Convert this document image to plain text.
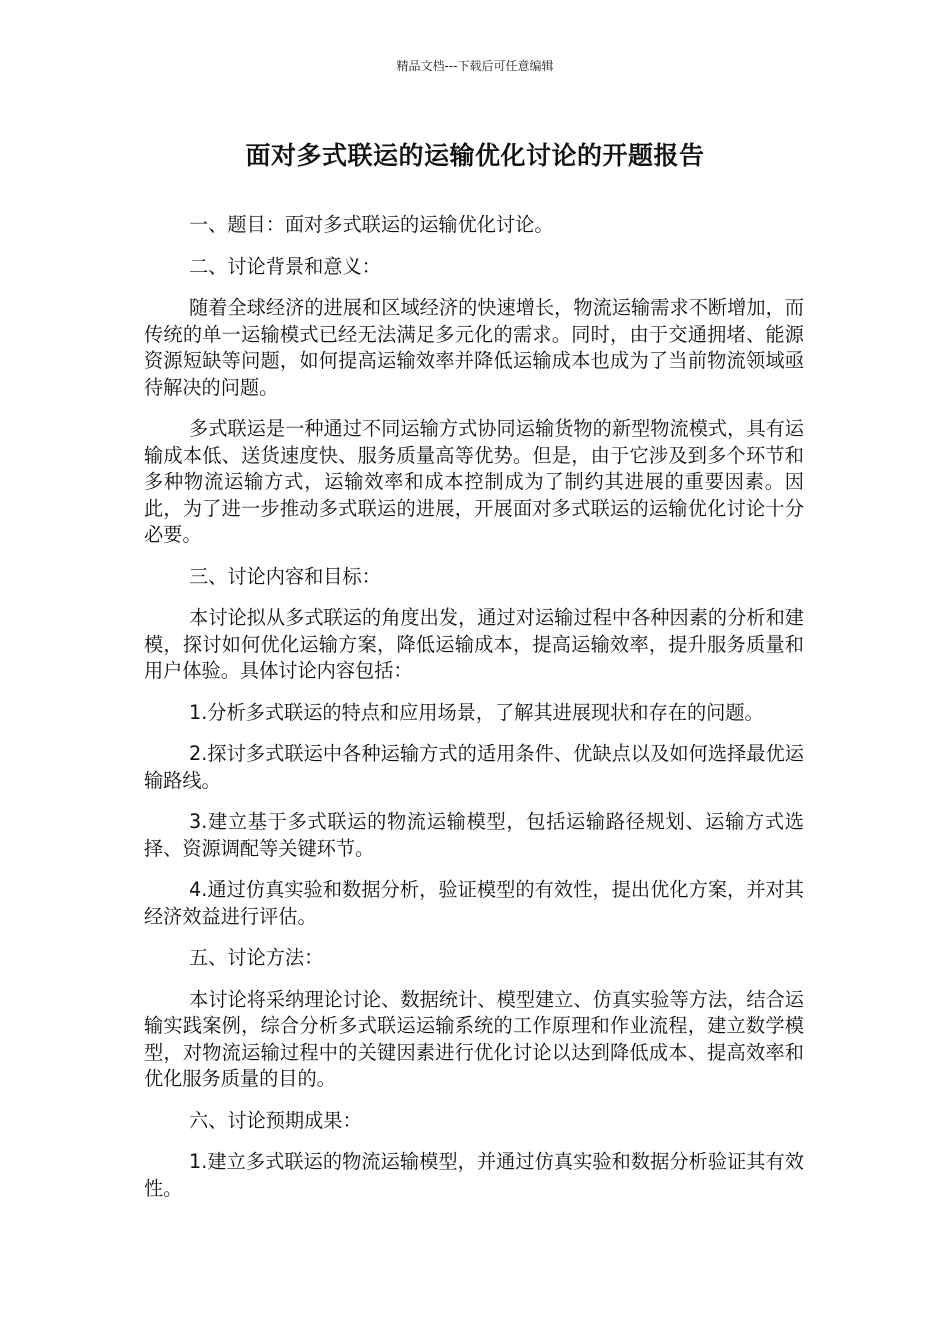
精品文档---下载后可任意编辑
面对多式联运的运输优化讨论的开题报告

一、题目：面对多式联运的运输优化讨论。

二、讨论背景和意义：

随着全球经济的进展和区域经济的快速增长，物流运输需求不断增加，而传统的单一运输模式已经无法满足多元化的需求。同时，由于交通拥堵、能源资源短缺等问题，如何提高运输效率并降低运输成本也成为了当前物流领域亟待解决的问题。

多式联运是一种通过不同运输方式协同运输货物的新型物流模式，具有运输成本低、送货速度快、服务质量高等优势。但是，由于它涉及到多个环节和多种物流运输方式，运输效率和成本控制成为了制约其进展的重要因素。因此，为了进一步推动多式联运的进展，开展面对多式联运的运输优化讨论十分必要。

三、讨论内容和目标：

本讨论拟从多式联运的角度出发，通过对运输过程中各种因素的分析和建模，探讨如何优化运输方案，降低运输成本，提高运输效率，提升服务质量和用户体验。具体讨论内容包括：

1.分析多式联运的特点和应用场景，了解其进展现状和存在的问题。

2.探讨多式联运中各种运输方式的适用条件、优缺点以及如何选择最优运输路线。

3.建立基于多式联运的物流运输模型，包括运输路径规划、运输方式选择、资源调配等关键环节。

4.通过仿真实验和数据分析，验证模型的有效性，提出优化方案，并对其经济效益进行评估。

五、讨论方法：

本讨论将采纳理论讨论、数据统计、模型建立、仿真实验等方法，结合运输实践案例，综合分析多式联运运输系统的工作原理和作业流程，建立数学模型，对物流运输过程中的关键因素进行优化讨论以达到降低成本、提高效率和优化服务质量的目的。

六、讨论预期成果：

1.建立多式联运的物流运输模型，并通过仿真实验和数据分析验证其有效性。
